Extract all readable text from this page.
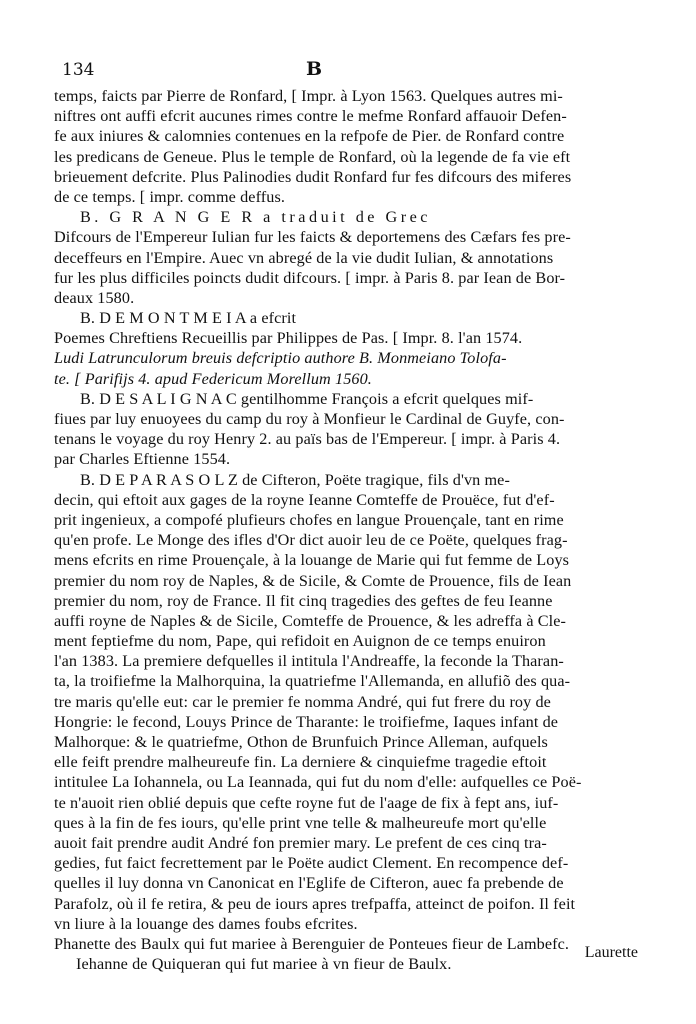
134	B
temps, faicts par Pierre de Ronfard, [ Impr. à Lyon 1563. Quelques autres mi-
niftres ont auffi efcrit aucunes rimes contre le mefme Ronfard affauoir Defen-
fe aux iniures & calomnies contenues en la refpofe de Pier. de Ronfard contre
les predicans de Geneue. Plus le temple de Ronfard, où la legende de fa vie eft
brieuement defcrite. Plus Palinodies dudit Ronfard fur fes difcours des miferes
de ce temps. [ impr. comme deffus.
B. G R A N G E R a traduit de Grec
Difcours de l'Empereur Iulian fur les faicts & deportemens des Cæfars fes pre-
deceffeurs en l'Empire. Auec vn abregé de la vie dudit Iulian, & annotations
fur les plus difficiles poincts dudit difcours. [ impr. à Paris 8. par Iean de Bor-
deaux 1580.
B. D E M O N T M E I A a efcrit
Poemes Chreftiens Recueillis par Philippes de Pas. [ Impr. 8. l'an 1574.
Ludi Latrunculorum breuis defcriptio authore B. Monmeiano Tolofa-
te. [ Parifijs 4. apud Federicum Morellum 1560.
B. D E S A L I G N A C gentilhomme François a efcrit quelques mif-
fiues par luy enuoyees du camp du roy à Monfieur le Cardinal de Guyfe, con-
tenans le voyage du roy Henry 2. au païs bas de l'Empereur. [ impr. à Paris 4.
par Charles Eftienne 1554.
B. D E P A R A S O L Z de Cifteron, Poëte tragique, fils d'vn me-
decin, qui eftoit aux gages de la royne Ieanne Comteffe de Prouëce, fut d'ef-
prit ingenieux, a compofé plufieurs chofes en langue Prouençale, tant en rime
qu'en profe. Le Monge des ifles d'Or dict auoir leu de ce Poëte, quelques frag-
mens efcrits en rime Prouençale, à la louange de Marie qui fut femme de Loys
premier du nom roy de Naples, & de Sicile, & Comte de Prouence, fils de Iean
premier du nom, roy de France. Il fit cinq tragedies des geftes de feu Ieanne
auffi royne de Naples & de Sicile, Comteffe de Prouence, & les adreffa à Cle-
ment feptiefme du nom, Pape, qui refidoit en Auignon de ce temps enuiron
l'an 1383. La premiere defquelles il intitula l'Andreaffe, la feconde la Tharan-
ta, la troifiefme la Malhorquina, la quatriefme l'Allemanda, en allufiõ des qua-
tre maris qu'elle eut: car le premier fe nomma André, qui fut frere du roy de
Hongrie: le fecond, Louys Prince de Tharante: le troifiefme, Iaques infant de
Malhorque: & le quatriefme, Othon de Brunfuich Prince Alleman, aufquels
elle feift prendre malheureufe fin. La derniere & cinquiefme tragedie eftoit
intitulee La Iohannela, ou La Ieannada, qui fut du nom d'elle: aufquelles ce Poë-
te n'auoit rien oblié depuis que cefte royne fut de l'aage de fix à fept ans, iuf-
ques à la fin de fes iours, qu'elle print vne telle & malheureufe mort qu'elle
auoit fait prendre audit André fon premier mary. Le prefent de ces cinq tra-
gedies, fut faict fecrettement par le Poëte audict Clement. En recompence def-
quelles il luy donna vn Canonicat en l'Eglife de Cifteron, auec fa prebende de
Parafolz, où il fe retira, & peu de iours apres trefpaffa, atteinct de poifon. Il feit
vn liure à la louange des dames foubs efcrites.
Phanette des Baulx qui fut mariee à Berenguier de Ponteues fieur de Lambefc.
Iehanne de Quiqueran qui fut mariee à vn fieur de Baulx.
Laurette
